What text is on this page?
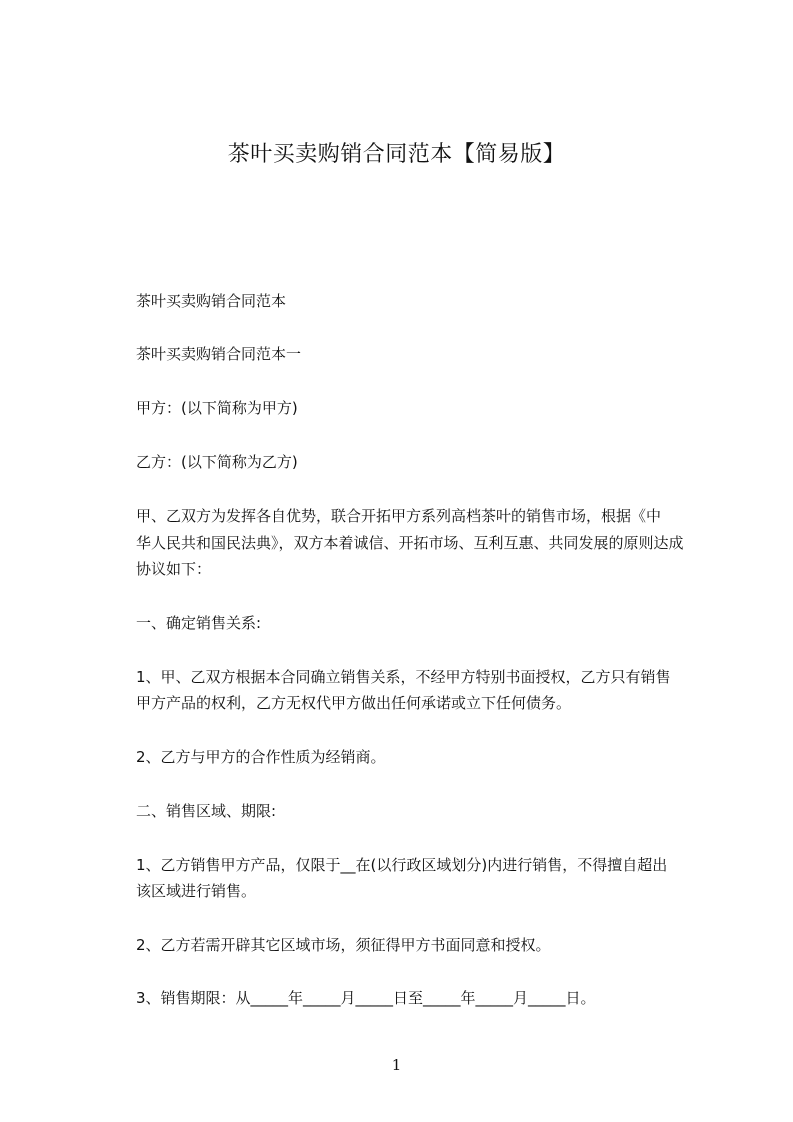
茶叶买卖购销合同范本【简易版】
茶叶买卖购销合同范本
茶叶买卖购销合同范本一
甲方：(以下简称为甲方)
乙方：(以下简称为乙方)
甲、乙双方为发挥各自优势，联合开拓甲方系列高档茶叶的销售市场，根据《中
华人民共和国民法典》，双方本着诚信、开拓市场、互利互惠、共同发展的原则达成
协议如下：
一、确定销售关系:
1、甲、乙双方根据本合同确立销售关系，不经甲方特别书面授权，乙方只有销售
甲方产品的权利，乙方无权代甲方做出任何承诺或立下任何债务。
2、乙方与甲方的合作性质为经销商。
二、销售区域、期限:
1、乙方销售甲方产品，仅限于__在(以行政区域划分)内进行销售，不得擅自超出
该区域进行销售。
2、乙方若需开辟其它区域市场，须征得甲方书面同意和授权。
3、销售期限：从_____年_____月_____日至_____年_____月_____日。
1
